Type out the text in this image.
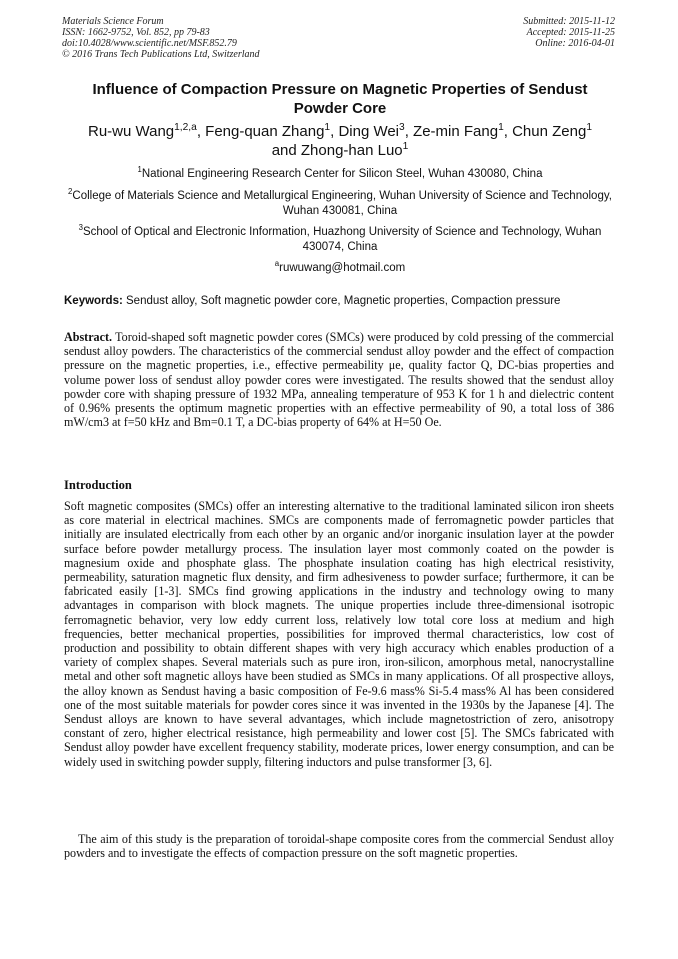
Materials Science Forum
ISSN: 1662-9752, Vol. 852, pp 79-83
doi:10.4028/www.scientific.net/MSF.852.79
© 2016 Trans Tech Publications Ltd, Switzerland
Submitted: 2015-11-12
Accepted: 2015-11-25
Online: 2016-04-01
Influence of Compaction Pressure on Magnetic Properties of Sendust Powder Core
Ru-wu Wang$^{1,2,a}$, Feng-quan Zhang$^1$, Ding Wei$^3$, Ze-min Fang$^1$, Chun Zeng$^1$
and Zhong-han Luo$^1$
$^1$National Engineering Research Center for Silicon Steel, Wuhan 430080, China
$^2$College of Materials Science and Metallurgical Engineering, Wuhan University of Science and Technology, Wuhan 430081, China
$^3$School of Optical and Electronic Information, Huazhong University of Science and Technology, Wuhan 430074, China
$^a$ruwuwang@hotmail.com
Keywords: Sendust alloy, Soft magnetic powder core, Magnetic properties, Compaction pressure
Abstract. Toroid-shaped soft magnetic powder cores (SMCs) were produced by cold pressing of the commercial sendust alloy powders. The characteristics of the commercial sendust alloy powder and the effect of compaction pressure on the magnetic properties, i.e., effective permeability μe, quality factor Q, DC-bias properties and volume power loss of sendust alloy powder cores were investigated. The results showed that the sendust alloy powder core with shaping pressure of 1932 MPa, annealing temperature of 953 K for 1 h and dielectric content of 0.96% presents the optimum magnetic properties with an effective permeability of 90, a total loss of 386 mW/cm3 at f=50 kHz and Bm=0.1 T, a DC-bias property of 64% at H=50 Oe.
Introduction
Soft magnetic composites (SMCs) offer an interesting alternative to the traditional laminated silicon iron sheets as core material in electrical machines. SMCs are components made of ferromagnetic powder particles that initially are insulated electrically from each other by an organic and/or inorganic insulation layer at the powder surface before powder metallurgy process. The insulation layer most commonly coated on the powder is magnesium oxide and phosphate glass. The phosphate insulation coating has high electrical resistivity, permeability, saturation magnetic flux density, and firm adhesiveness to powder surface; furthermore, it can be fabricated easily [1-3]. SMCs find growing applications in the industry and technology owing to many advantages in comparison with block magnets. The unique properties include three-dimensional isotropic ferromagnetic behavior, very low eddy current loss, relatively low total core loss at medium and high frequencies, better mechanical properties, possibilities for improved thermal characteristics, low cost of production and possibility to obtain different shapes with very high accuracy which enables production of a variety of complex shapes. Several materials such as pure iron, iron-silicon, amorphous metal, nanocrystalline metal and other soft magnetic alloys have been studied as SMCs in many applications. Of all prospective alloys, the alloy known as Sendust having a basic composition of Fe-9.6 mass% Si-5.4 mass% Al has been considered one of the most suitable materials for powder cores since it was invented in the 1930s by the Japanese [4]. The Sendust alloys are known to have several advantages, which include magnetostriction of zero, anisotropy constant of zero, higher electrical resistance, high permeability and lower cost [5]. The SMCs fabricated with Sendust alloy powder have excellent frequency stability, moderate prices, lower energy consumption, and can be widely used in switching powder supply, filtering inductors and pulse transformer [3, 6].
The aim of this study is the preparation of toroidal-shape composite cores from the commercial Sendust alloy powders and to investigate the effects of compaction pressure on the soft magnetic properties.
